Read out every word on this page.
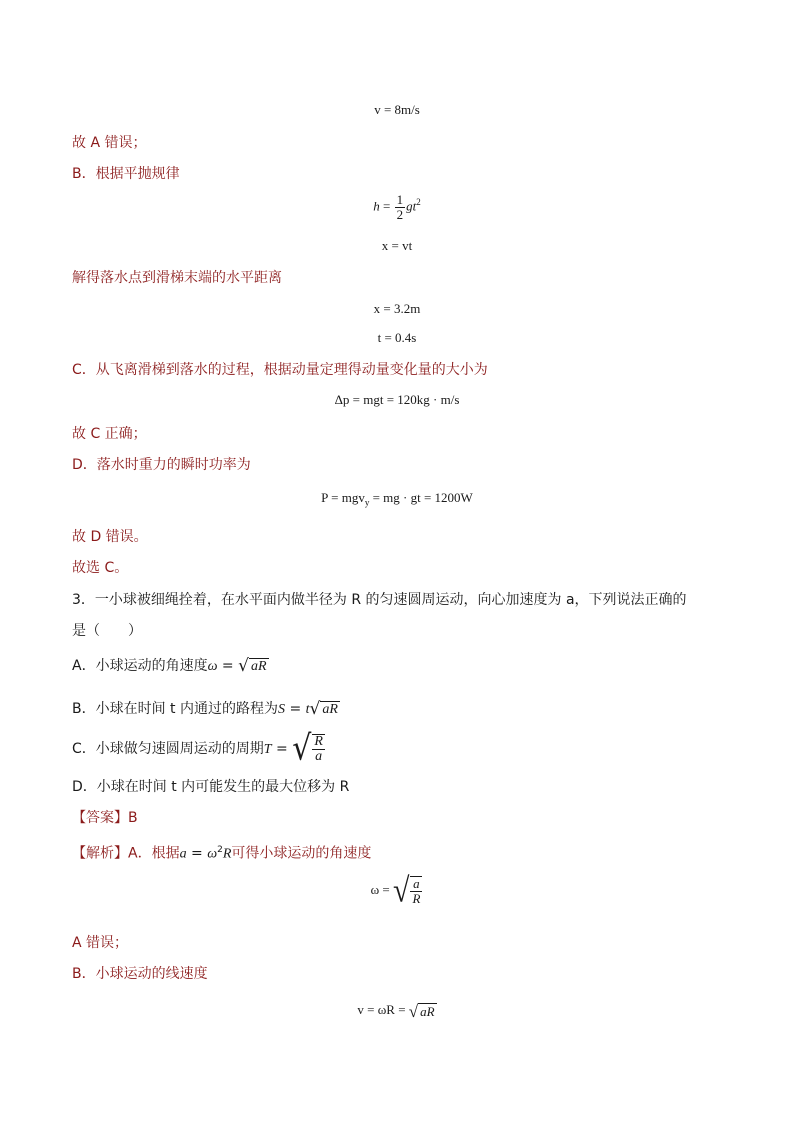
v = 8m/s
故 A 错误；
B．根据平抛规律
$h = \frac{1}{2} gt^2$
x = vt
解得落水点到滑梯末端的水平距离
x = 3.2m
t = 0.4s
C．从飞离滑梯到落水的过程，根据动量定理得动量变化量的大小为
Δp = mgt = 120kg · m/s
故 C 正确；
D．落水时重力的瞬时功率为
P = mgv$_y$ = mg · gt = 1200W
故 D 错误。
故选 C。
3．一小球被细绳拴着，在水平面内做半径为 R 的匀速圆周运动，向心加速度为 a，下列说法正确的
是（　　）
A．小球运动的角速度ω = √ aR
B．小球在时间 t 内通过的路程为S = t√ aR
C．小球做匀速圆周运动的周期T = √ $\frac{R}{a}$
D．小球在时间 t 内可能发生的最大位移为 R
【答案】B
【解析】A．根据$a = \omega^2R$可得小球运动的角速度
ω = √ $\frac{a}{R}$
A 错误；
B．小球运动的线速度
v = ωR = √ aR
